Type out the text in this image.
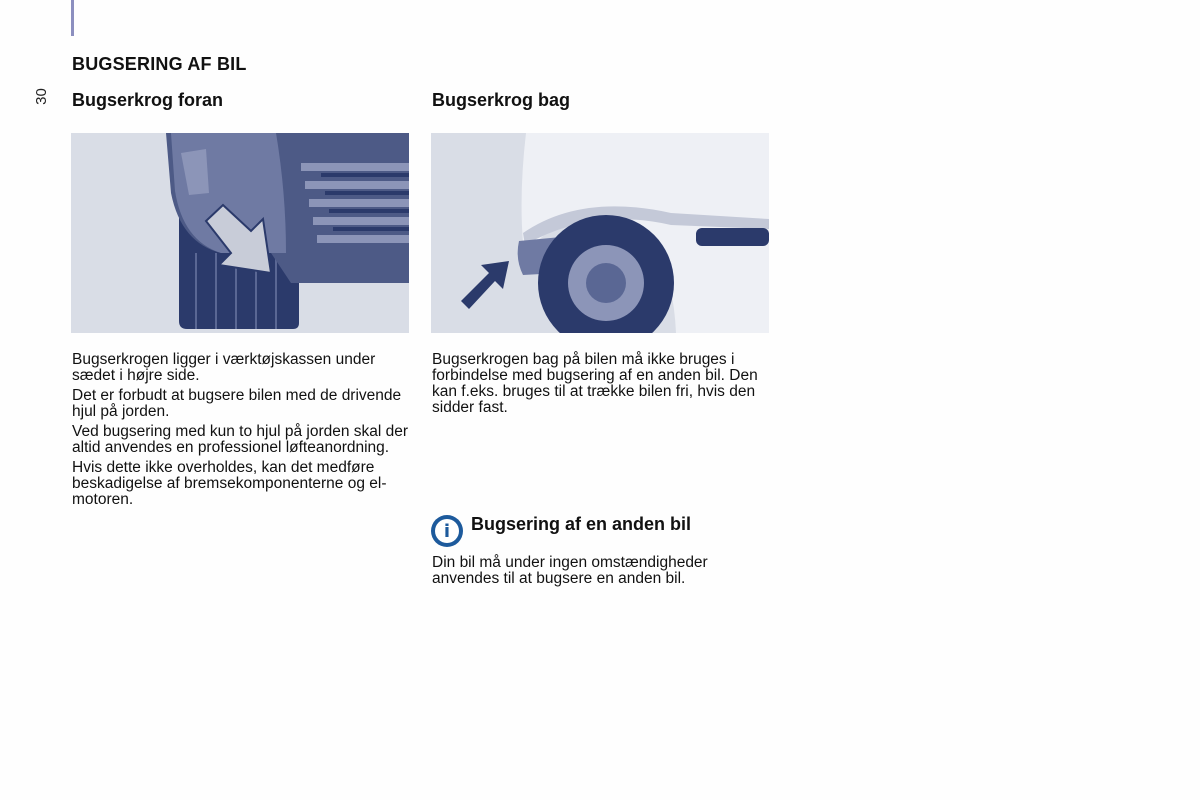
30
BUGSERING AF BIL
Bugserkrog foran	Bugserkrog bag

Bugserkrogen ligger i værktøjskassen under sædet i højre side.

Det er forbudt at bugsere bilen med de drivende hjul på jorden.

Ved bugsering med kun to hjul på jorden skal der altid anvendes en professionel løfteanordning.

Hvis dette ikke overholdes, kan det medføre beskadigelse af bremsekomponenterne og el-motoren.

Bugserkrogen bag på bilen må ikke bruges i forbindelse med bugsering af en anden bil. Den kan f.eks. bruges til at trække bilen fri, hvis den sidder fast.

i	Bugsering af en anden bil

Din bil må under ingen omstændigheder anvendes til at bugsere en anden bil.
